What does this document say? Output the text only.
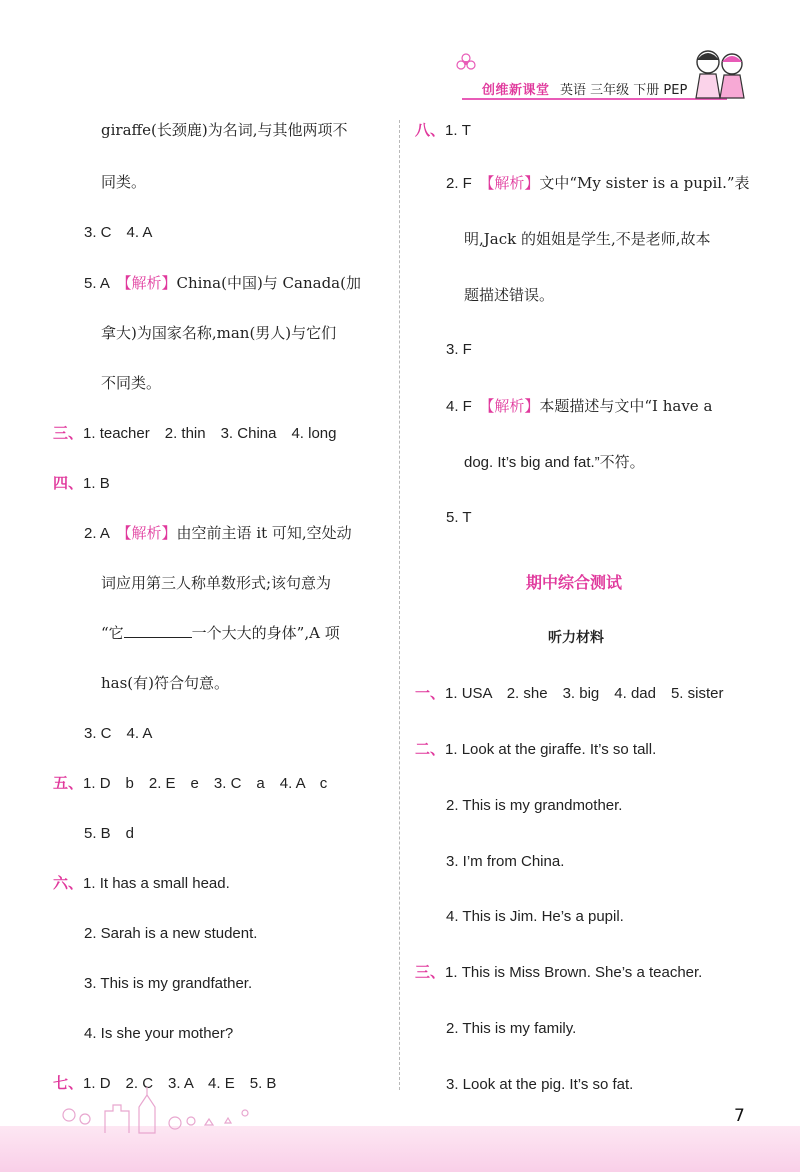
创维新课堂 英语 三年级 下册 PEP
giraffe(长颈鹿)为名词,与其他两项不
同类。
3. C　4. A
5. A　【解析】China(中国)与 Canada(加
拿大)为国家名称,man(男人)与它们
不同类。
三、1. teacher　2. thin　3. China　4. long
四、1. B
2. A　【解析】由空前主语 it 可知,空处动
词应用第三人称单数形式;该句意为
“它	一个大大的身体”,A 项
has(有)符合句意。
3. C　4. A
五、1. D　b　2. E　e　3. C　a　4. A　c
5. B　d
六、1. It has a small head.
2. Sarah is a new student.
3. This is my grandfather.
4. Is she your mother?
七、1. D　2. C　3. A　4. E　5. B
八、1. T
2. F　【解析】文中“My sister is a pupil.”表
明,Jack 的姐姐是学生,不是老师,故本
题描述错误。
3. F
4. F　【解析】本题描述与文中“I have a
dog. It’s big and fat.”不符。
5. T
期中综合测试
听力材料
一、1. USA　2. she　3. big　4. dad　5. sister
二、1. Look at the giraffe. It’s so tall.
2. This is my grandmother.
3. I’m from China.
4. This is Jim. He’s a pupil.
三、1. This is Miss Brown. She’s a teacher.
2. This is my family.
3. Look at the pig. It’s so fat.
7
